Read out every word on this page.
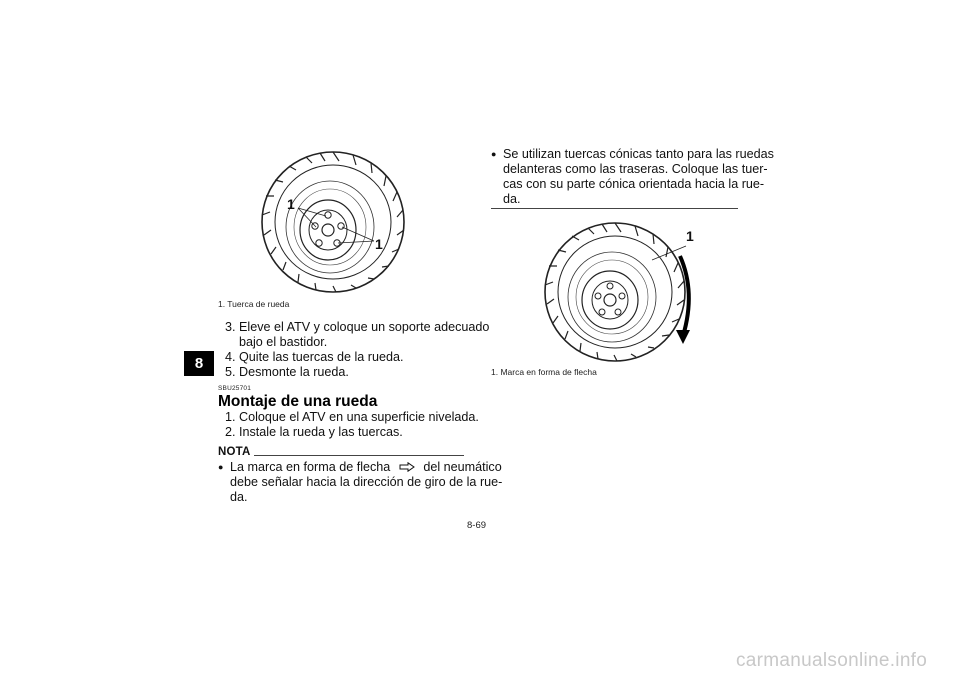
8
1
1
1. Tuerca de rueda
3. Eleve el ATV y coloque un soporte adecuado
bajo el bastidor.
4. Quite las tuercas de la rueda.
5. Desmonte la rueda.
SBU25701
Montaje de una rueda
1. Coloque el ATV en una superficie nivelada.
2. Instale la rueda y las tuercas.
NOTA
● La marca en forma de flecha	del neumático
debe señalar hacia la dirección de giro de la rue-
da.
● Se utilizan tuercas cónicas tanto para las ruedas
delanteras como las traseras. Coloque las tuer-
cas con su parte cónica orientada hacia la rue-
da.
1
1. Marca en forma de flecha
8-69
carmanualsonline.info
